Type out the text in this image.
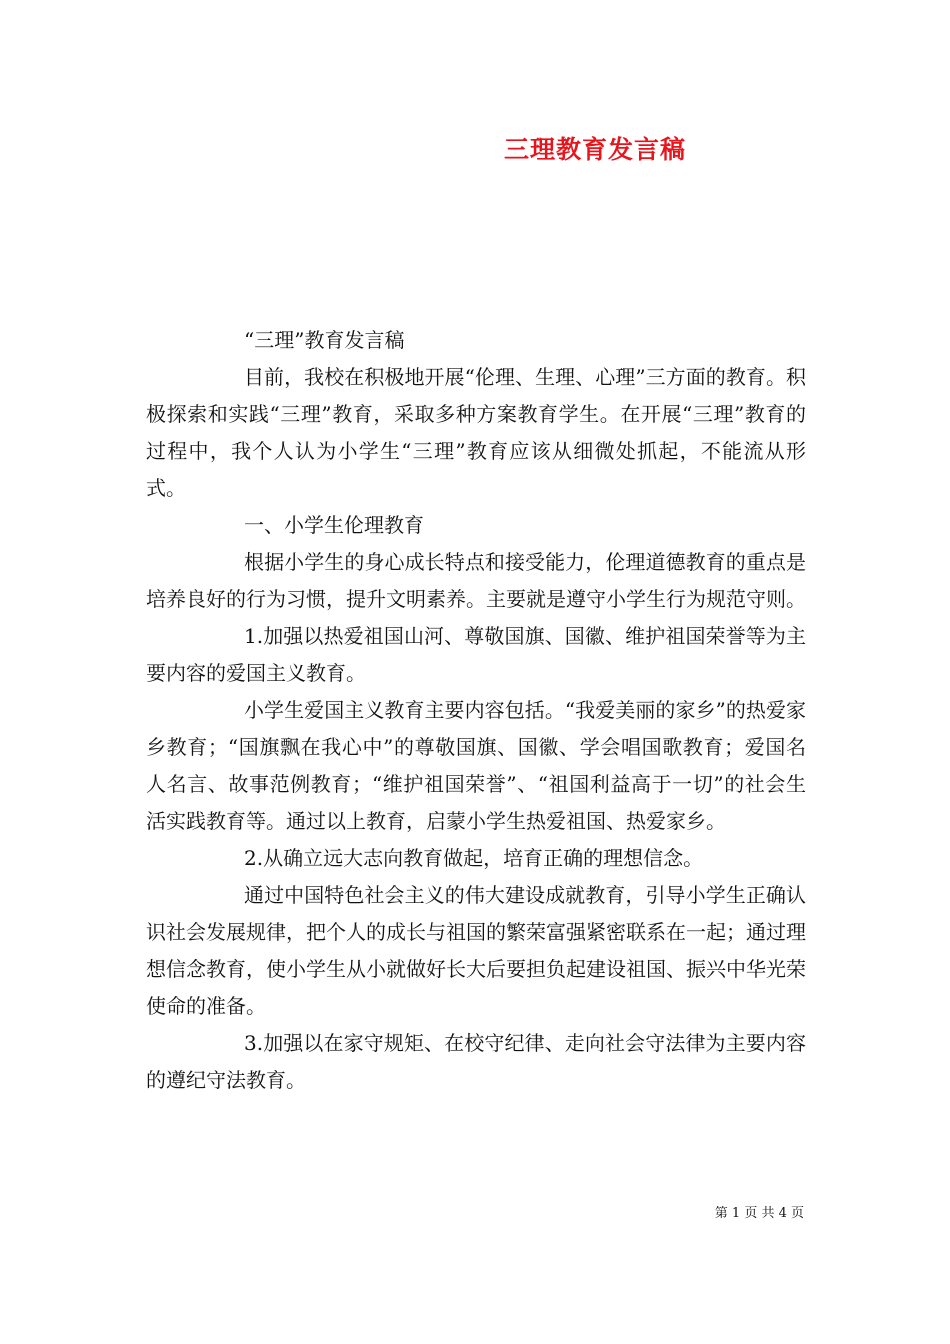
三理教育发言稿

“三理”教育发言稿

目前，我校在积极地开展“伦理、生理、心理”三方面的教育。积极探索和实践“三理”教育，采取多种方案教育学生。在开展“三理”教育的过程中，我个人认为小学生“三理”教育应该从细微处抓起，不能流从形式。

一、小学生伦理教育

根据小学生的身心成长特点和接受能力，伦理道德教育的重点是培养良好的行为习惯，提升文明素养。主要就是遵守小学生行为规范守则。

1.加强以热爱祖国山河、尊敬国旗、国徽、维护祖国荣誉等为主要内容的爱国主义教育。

小学生爱国主义教育主要内容包括。“我爱美丽的家乡”的热爱家乡教育；“国旗飘在我心中”的尊敬国旗、国徽、学会唱国歌教育；爱国名人名言、故事范例教育；“维护祖国荣誉”、“祖国利益高于一切”的社会生活实践教育等。通过以上教育，启蒙小学生热爱祖国、热爱家乡。

2.从确立远大志向教育做起，培育正确的理想信念。

通过中国特色社会主义的伟大建设成就教育，引导小学生正确认识社会发展规律，把个人的成长与祖国的繁荣富强紧密联系在一起；通过理想信念教育，使小学生从小就做好长大后要担负起建设祖国、振兴中华光荣使命的准备。

3.加强以在家守规矩、在校守纪律、走向社会守法律为主要内容的遵纪守法教育。

第 1 页 共 4 页
